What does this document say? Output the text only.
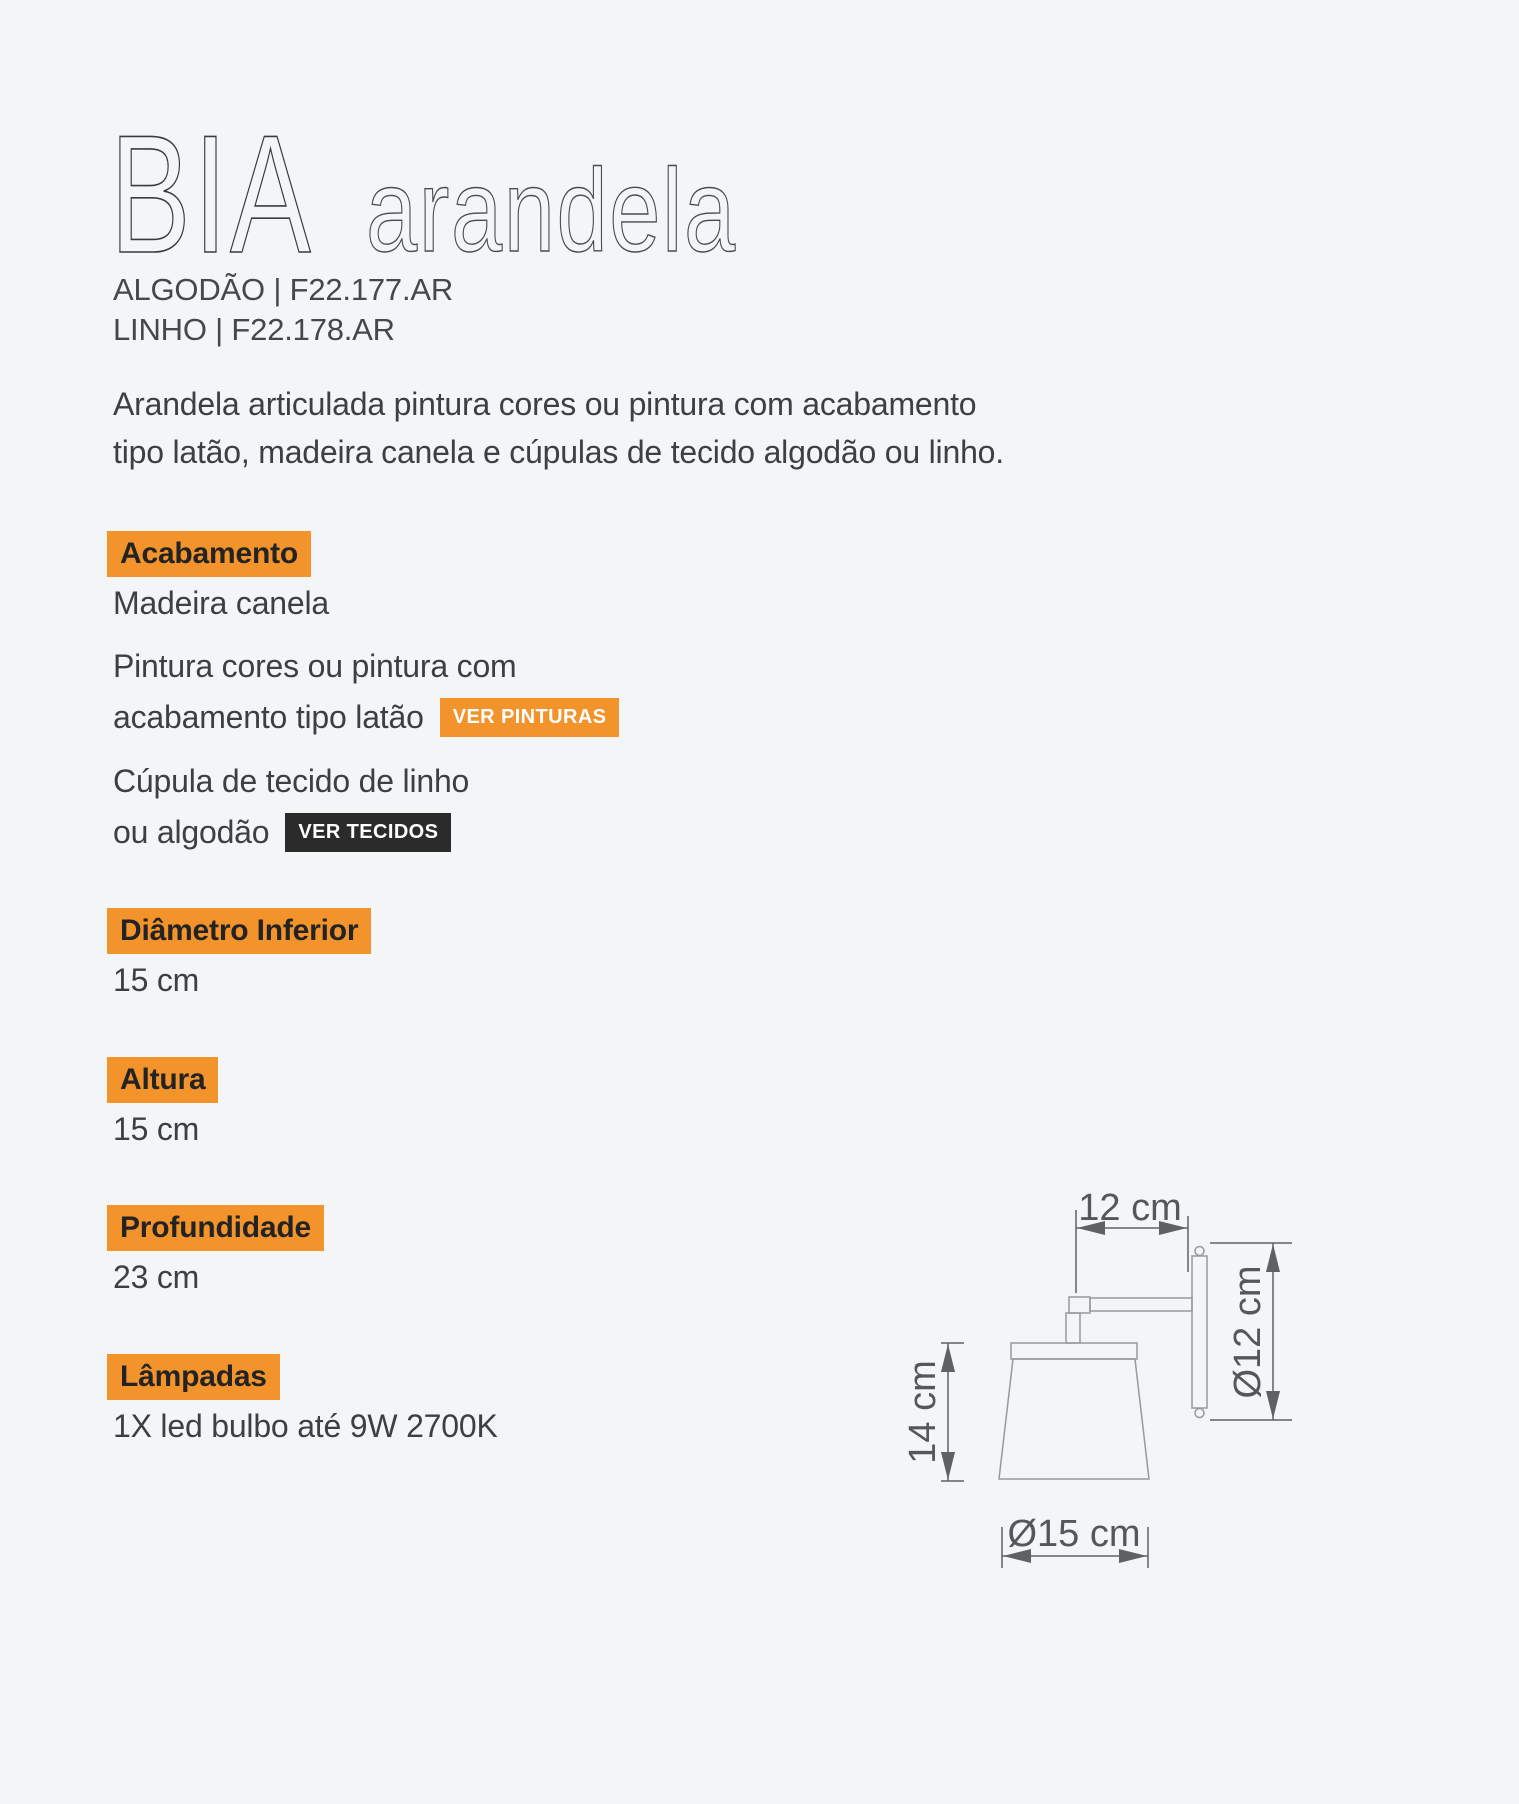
BIA arandela
ALGODÃO | F22.177.AR
LINHO | F22.178.AR
Arandela articulada pintura cores ou pintura com acabamento
tipo latão, madeira canela e cúpulas de tecido algodão ou linho.
Acabamento
Madeira canela
Pintura cores ou pintura com
acabamento tipo latão	VER PINTURAS
Cúpula de tecido de linho
ou algodão	VER TECIDOS
Diâmetro Inferior
15 cm
Altura
15 cm
Profundidade
23 cm
Lâmpadas
1X led bulbo até 9W 2700K
12 cm
Ø12 cm
14 cm
Ø15 cm
